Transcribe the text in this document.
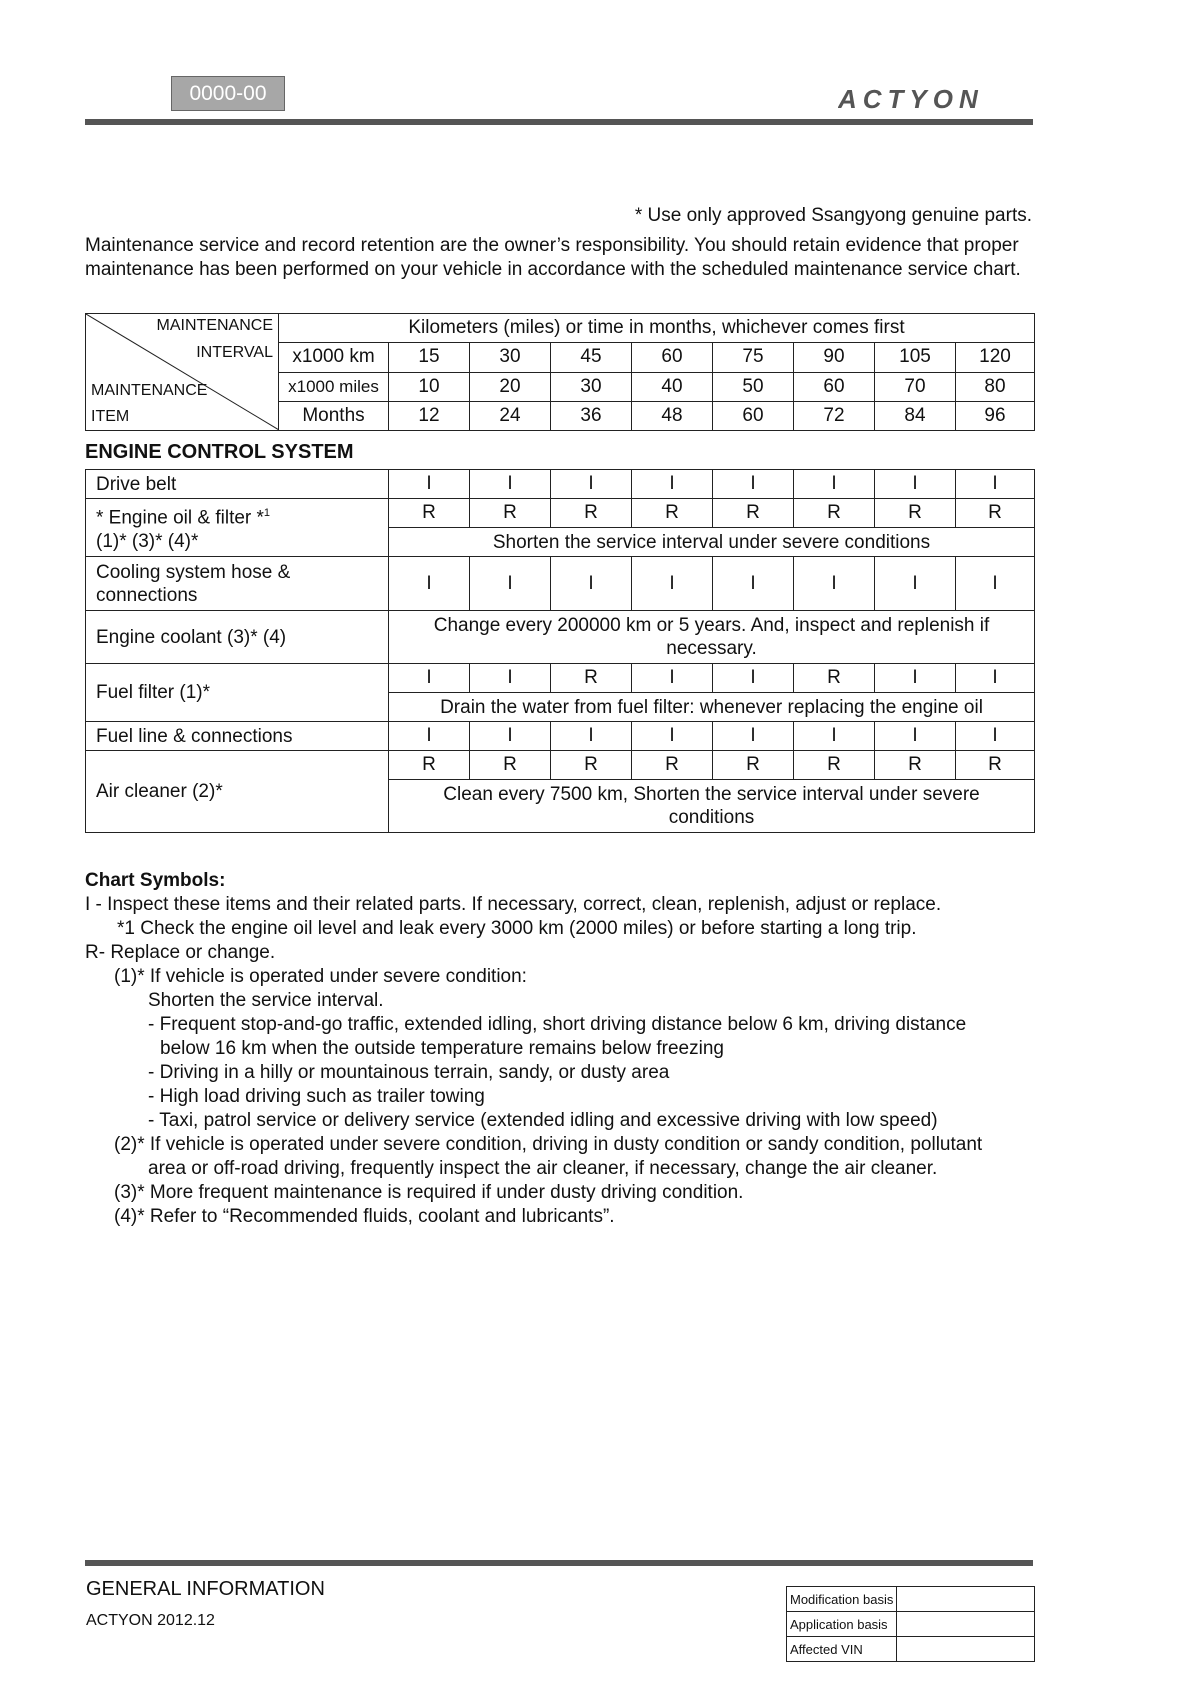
0000-00	ACTYON
* Use only approved Ssangyong genuine parts.

Maintenance service and record retention are the owner’s responsibility. You should retain evidence that proper maintenance has been performed on your vehicle in accordance with the scheduled maintenance service chart.

MAINTENANCE
INTERVAL
MAINTENANCE
ITEM	Kilometers (miles) or time in months, whichever comes first								
	x1000 km	15	30	45	60	75	90	105	120
	x1000 miles	10	20	30	40	50	60	70	80
	Months	12	24	36	48	60	72	84	96
ENGINE CONTROL SYSTEM
Drive belt	I	I	I	I	I	I	I	I
* Engine oil & filter *$^1$
(1)* (3)* (4)*	R	R	R	R	R	R	R	R
	Shorten the service interval under severe conditions							
Cooling system hose &
connections	I	I	I	I	I	I	I	I
Engine coolant (3)* (4)	Change every 200000 km or 5 years. And, inspect and replenish if
necessary.							
Fuel filter (1)*	I	I	R	I	I	R	I	I
	Drain the water from fuel filter: whenever replacing the engine oil							
Fuel line & connections	I	I	I	I	I	I	I	I
Air cleaner (2)*	R	R	R	R	R	R	R	R
	Clean every 7500 km, Shorten the service interval under severe
conditions							
Chart Symbols:
I - Inspect these items and their related parts. If necessary, correct, clean, replenish, adjust or replace.
*1 Check the engine oil level and leak every 3000 km (2000 miles) or before starting a long trip.
R- Replace or change.
(1)* If vehicle is operated under severe condition:
Shorten the service interval.
- Frequent stop-and-go traffic, extended idling, short driving distance below 6 km, driving distance
below 16 km when the outside temperature remains below freezing
- Driving in a hilly or mountainous terrain, sandy, or dusty area
- High load driving such as trailer towing
- Taxi, patrol service or delivery service (extended idling and excessive driving with low speed)
(2)* If vehicle is operated under severe condition, driving in dusty condition or sandy condition, pollutant
area or off-road driving, frequently inspect the air cleaner, if necessary, change the air cleaner.
(3)* More frequent maintenance is required if under dusty driving condition.
(4)* Refer to “Recommended fluids, coolant and lubricants”.
GENERAL INFORMATION
ACTYON 2012.12
Modification basis	
Application basis	
Affected VIN	
